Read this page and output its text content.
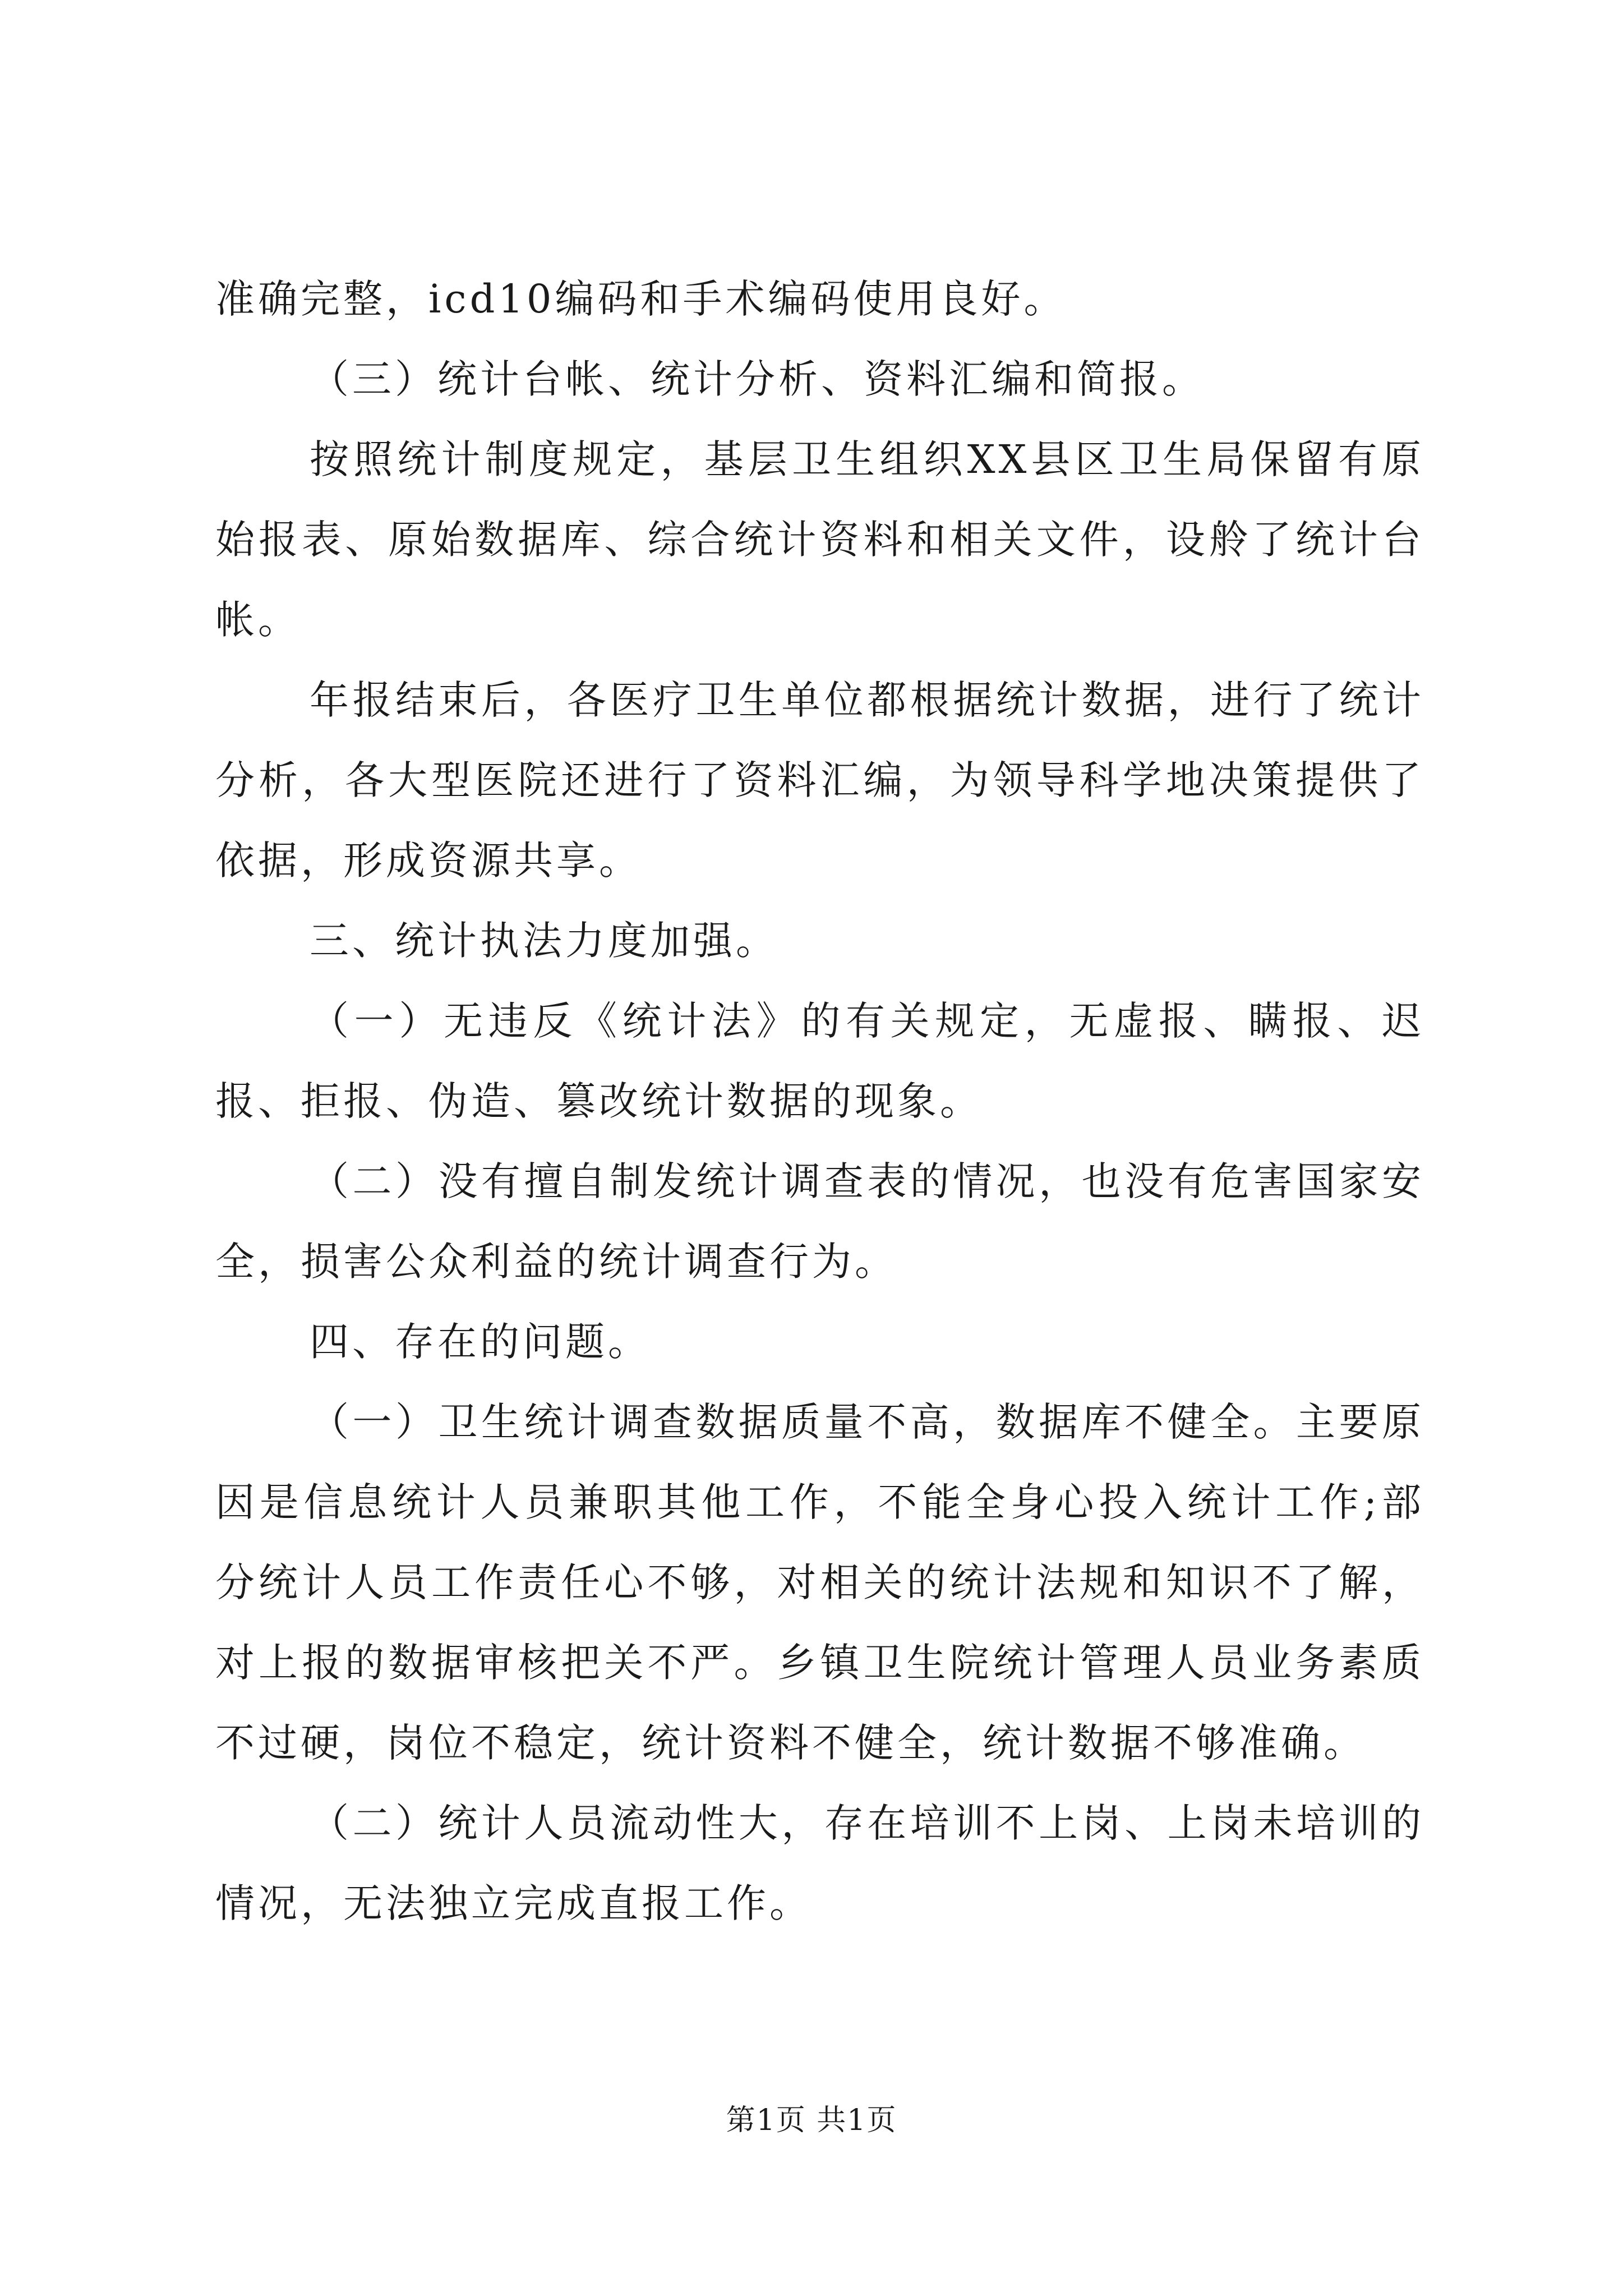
准确完整，icd10编码和手术编码使用良好。

（三）统计台帐、统计分析、资料汇编和简报。

按照统计制度规定，基层卫生组织XX县区卫生局保留有原始报表、原始数据库、综合统计资料和相关文件，设舲了统计台帐。

年报结束后，各医疗卫生单位都根据统计数据，进行了统计分析，各大型医院还进行了资料汇编，为领导科学地决策提供了依据，形成资源共享。

三、统计执法力度加强。

（一）无违反《统计法》的有关规定，无虚报、瞒报、迟报、拒报、伪造、篡改统计数据的现象。

（二）没有擅自制发统计调查表的情况，也没有危害国家安全，损害公众利益的统计调查行为。

四、存在的问题。

（一）卫生统计调查数据质量不高，数据库不健全。主要原因是信息统计人员兼职其他工作，不能全身心投入统计工作;部分统计人员工作责任心不够，对相关的统计法规和知识不了解，对上报的数据审核把关不严。乡镇卫生院统计管理人员业务素质不过硬，岗位不稳定，统计资料不健全，统计数据不够准确。

（二）统计人员流动性大，存在培训不上岗、上岗未培训的情况，无法独立完成直报工作。

第1页 共1页
